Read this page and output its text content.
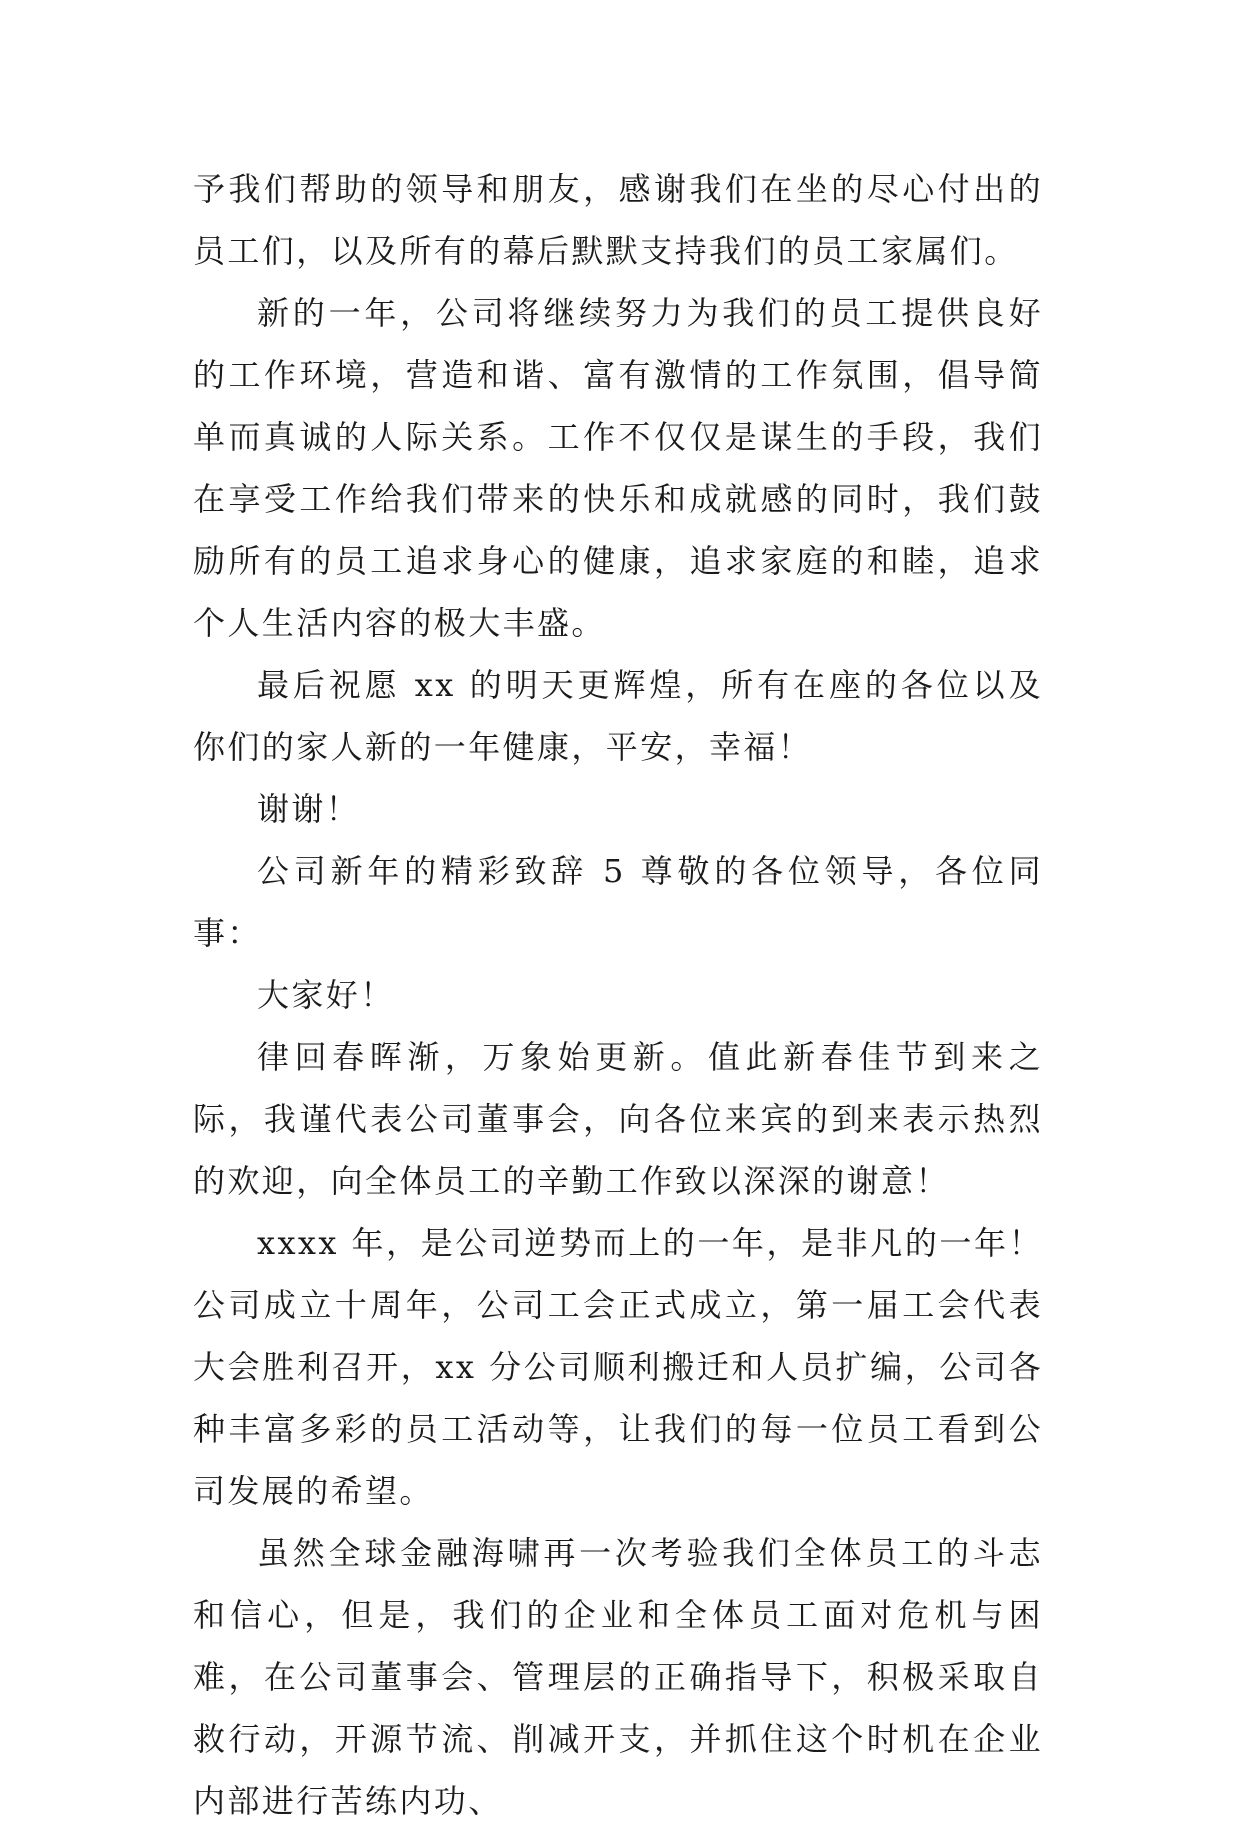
予我们帮助的领导和朋友，感谢我们在坐的尽心付出的员工们，以及所有的幕后默默支持我们的员工家属们。

新的一年，公司将继续努力为我们的员工提供良好的工作环境，营造和谐、富有激情的工作氛围，倡导简单而真诚的人际关系。工作不仅仅是谋生的手段，我们在享受工作给我们带来的快乐和成就感的同时，我们鼓励所有的员工追求身心的健康，追求家庭的和睦，追求个人生活内容的极大丰盛。

最后祝愿 xx 的明天更辉煌，所有在座的各位以及你们的家人新的一年健康，平安，幸福！

谢谢！

公司新年的精彩致辞 5 尊敬的各位领导，各位同事：

大家好！

律回春晖渐，万象始更新。值此新春佳节到来之际，我谨代表公司董事会，向各位来宾的到来表示热烈的欢迎，向全体员工的辛勤工作致以深深的谢意！

xxxx 年，是公司逆势而上的一年，是非凡的一年！公司成立十周年，公司工会正式成立，第一届工会代表大会胜利召开，xx 分公司顺利搬迁和人员扩编，公司各种丰富多彩的员工活动等，让我们的每一位员工看到公司发展的希望。

虽然全球金融海啸再一次考验我们全体员工的斗志和信心，但是，我们的企业和全体员工面对危机与困难，在公司董事会、管理层的正确指导下，积极采取自救行动，开源节流、削减开支，并抓住这个时机在企业内部进行苦练内功、
